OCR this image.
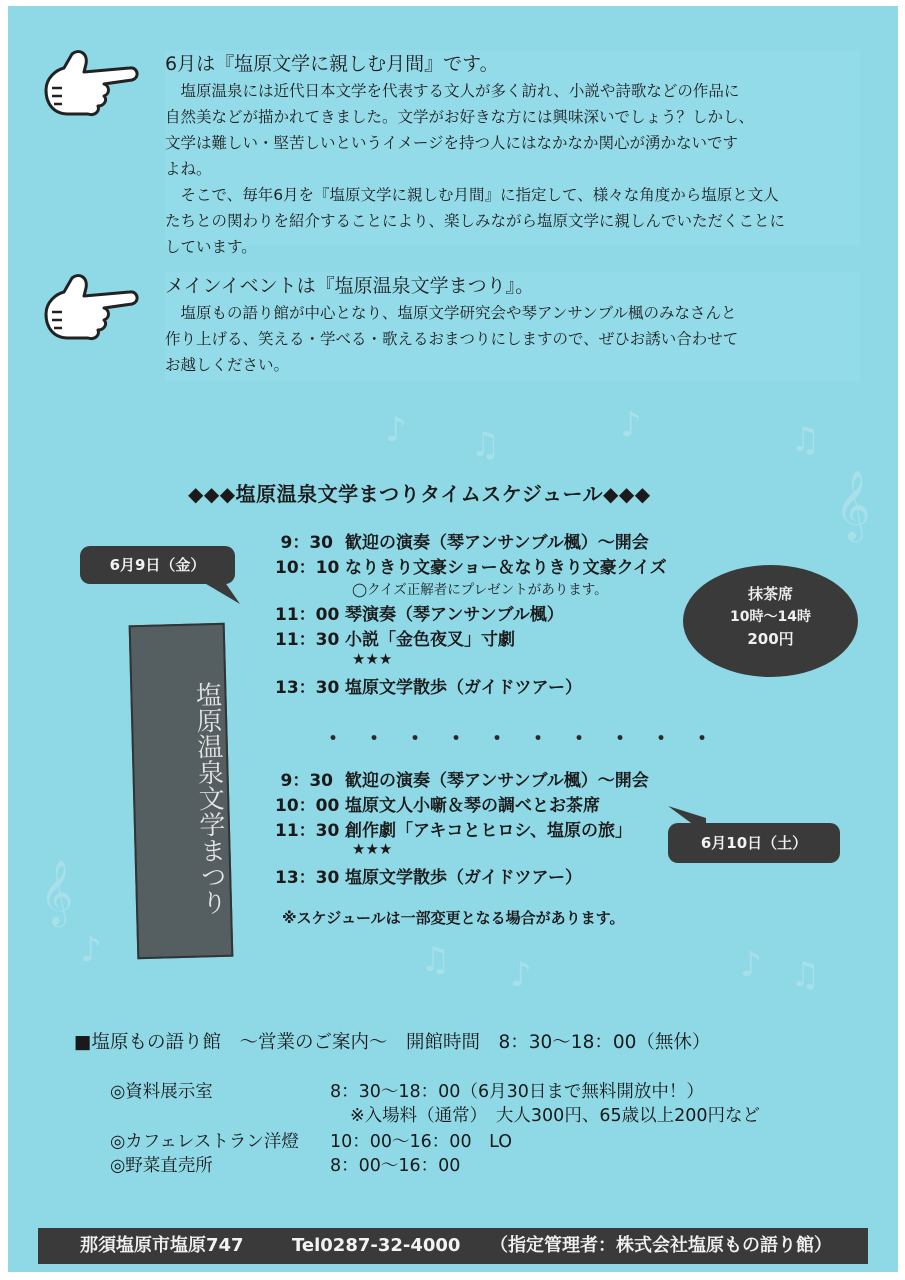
♪ ♫	♪	♫
𝄞
𝄞
♪	♫ ♪	♪ ♫
6月は『塩原文学に親しむ月間』です。

塩原温泉には近代日本文学を代表する文人が多く訪れ、小説や詩歌などの作品に

自然美などが描かれてきました。文学がお好きな方には興味深いでしょう？しかし、

文学は難しい・堅苦しいというイメージを持つ人にはなかなか関心が湧かないです

よね。

そこで、毎年6月を『塩原文学に親しむ月間』に指定して、様々な角度から塩原と文人

たちとの関わりを紹介することにより、楽しみながら塩原文学に親しんでいただくことに

しています。

メインイベントは『塩原温泉文学まつり』。

塩原もの語り館が中心となり、塩原文学研究会や琴アンサンブル楓のみなさんと

作り上げる、笑える・学べる・歌えるおまつりにしますので、ぜひお誘い合わせて

お越しください。

◆◆◆塩原温泉文学まつりタイムスケジュール◆◆◆
6月9日（金）
塩原温泉文学まつり
9：30 歓迎の演奏（琴アンサンブル楓）～開会
10：10 なりきり文豪ショー＆なりきり文豪クイズ
◯クイズ正解者にプレゼントがあります。
11：00 琴演奏（琴アンサンブル楓）
11：30 小説「金色夜叉」寸劇
★★★
13：30 塩原文学散歩（ガイドツアー）
抹茶席
10時～14時
200円
・ ・ ・ ・ ・ ・ ・ ・ ・ ・
9：30 歓迎の演奏（琴アンサンブル楓）～開会
10：00 塩原文人小噺＆琴の調べとお茶席
11：30 創作劇「アキコとヒロシ、塩原の旅」
★★★
13：30 塩原文学散歩（ガイドツアー）
6月10日（土）
※スケジュールは一部変更となる場合があります。
■塩原もの語り館　～営業のご案内～　開館時間　8：30～18：00（無休）
◎資料展示室	8：30～18：00（6月30日まで無料開放中！）
※入場料（通常）　大人300円、65歳以上200円など
◎カフェレストラン洋燈 10：00～16：00　LO
◎野菜直売所	8：00～16：00
那須塩原市塩原747	Tel0287-32-4000 （指定管理者：株式会社塩原もの語り館）
